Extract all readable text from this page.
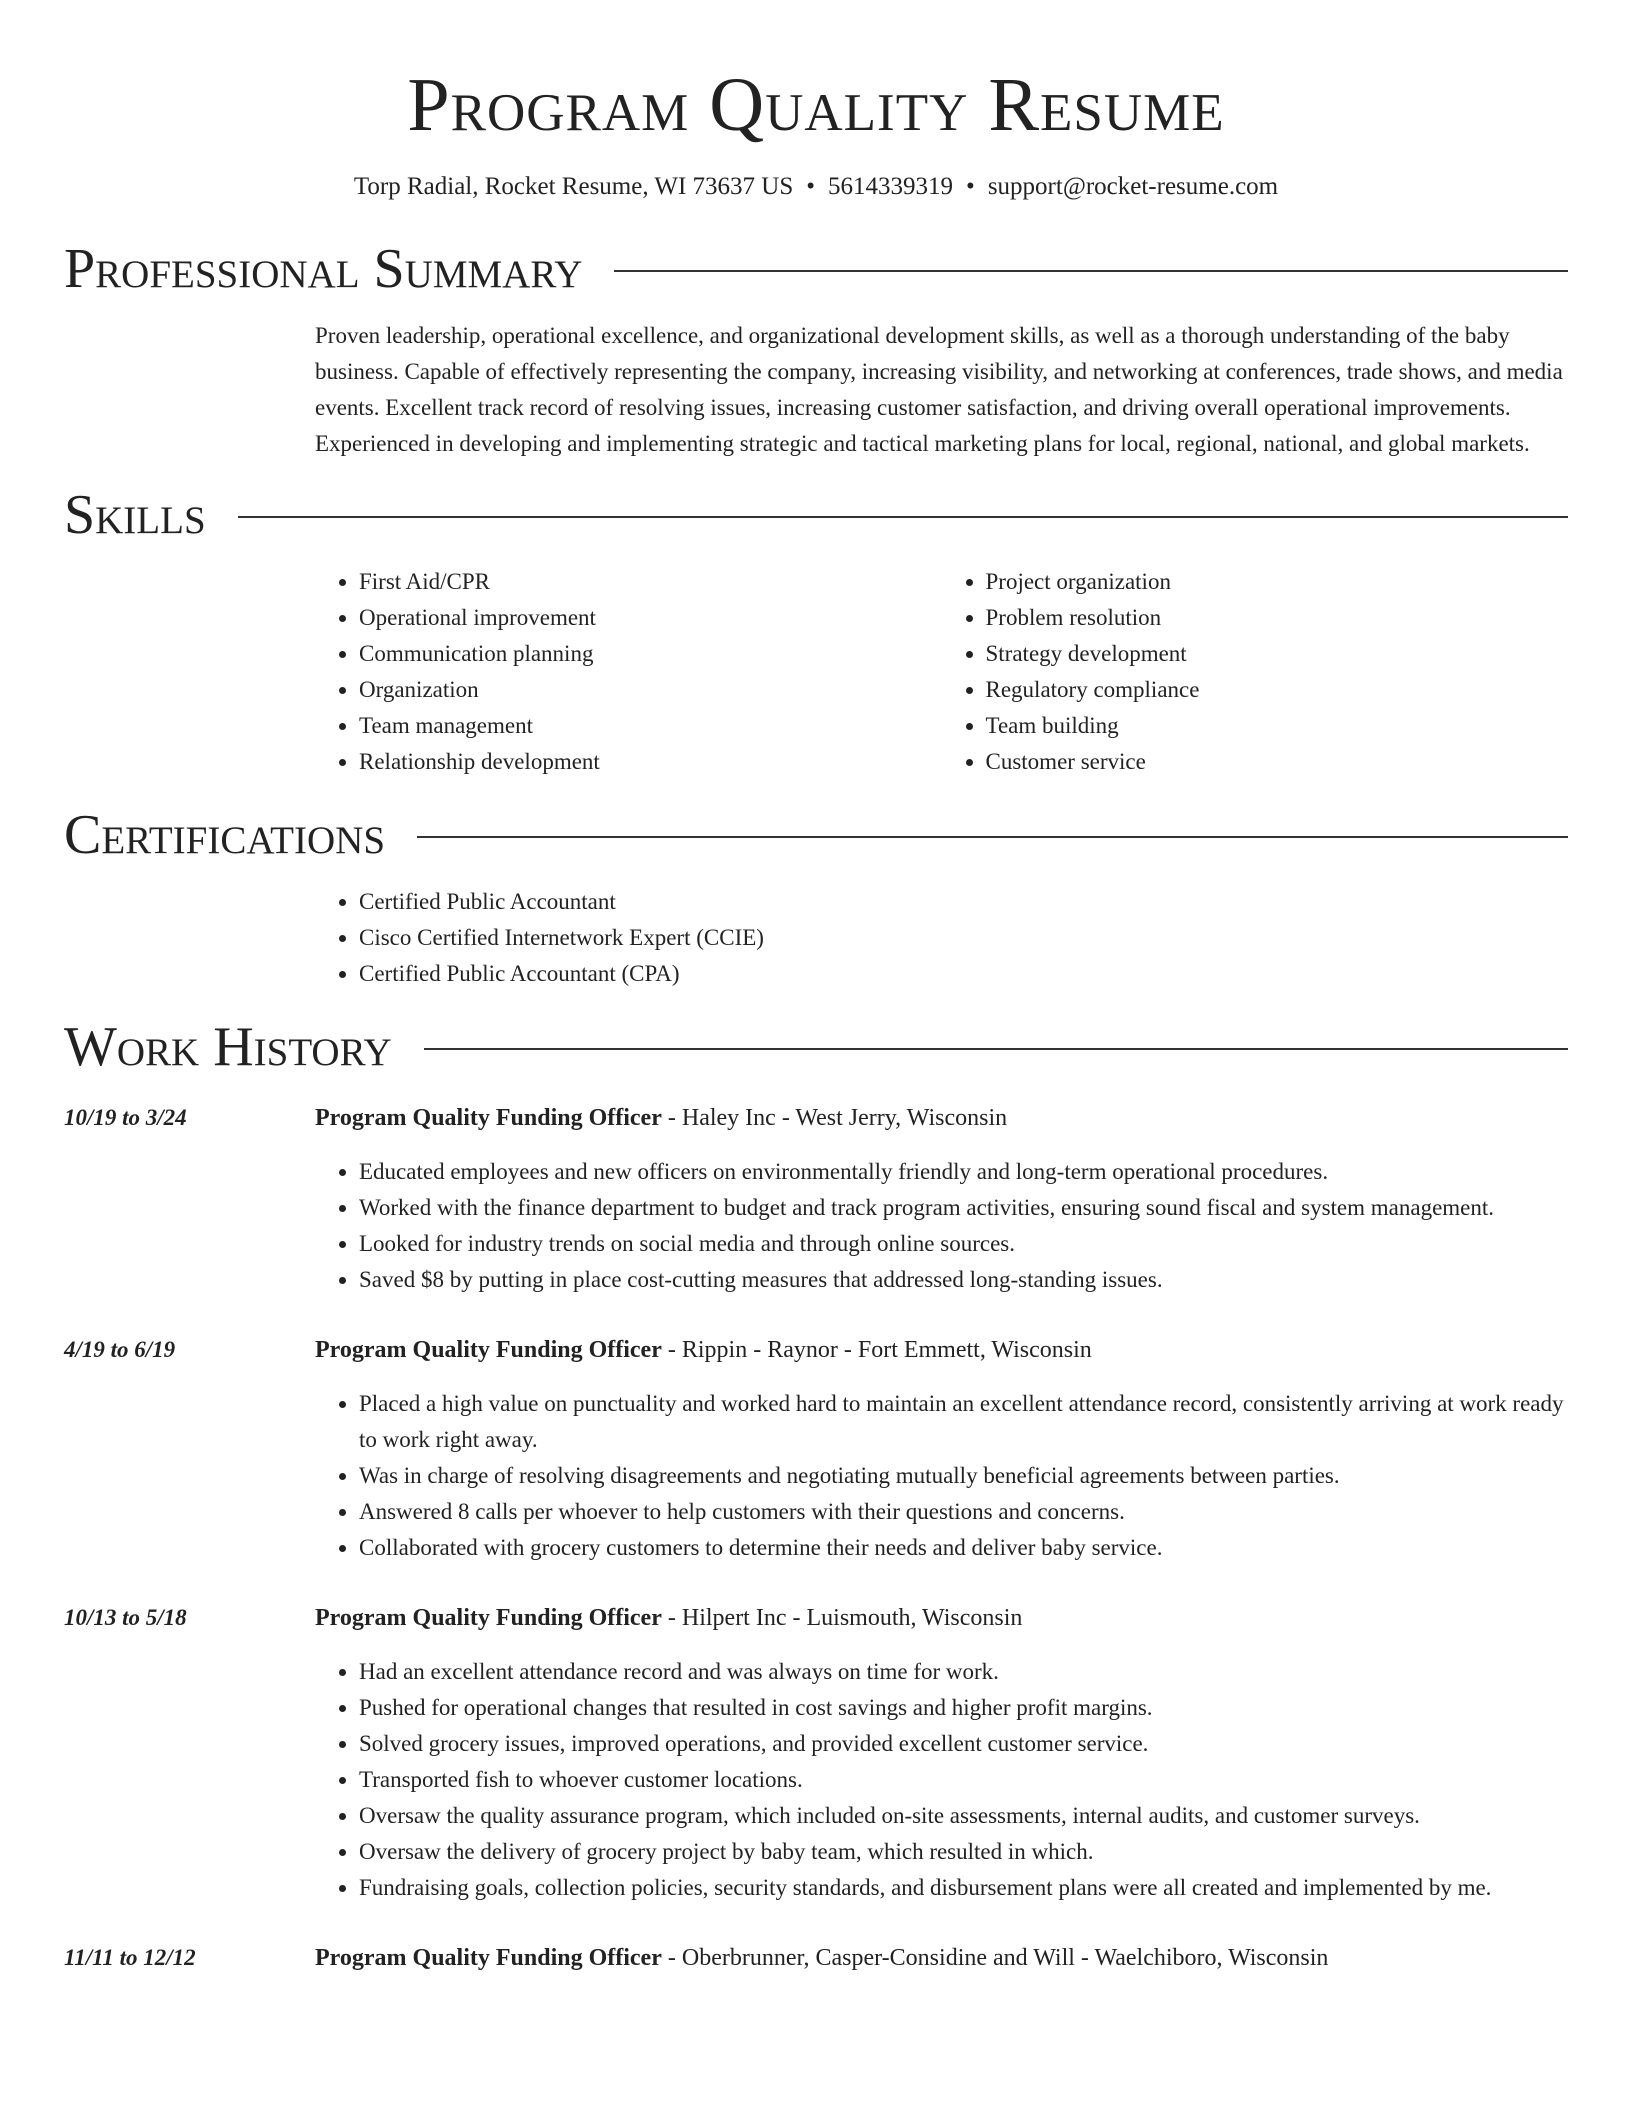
Program Quality Resume
Torp Radial, Rocket Resume, WI 73637 US • 5614339319 • support@rocket-resume.com
Professional Summary

Proven leadership, operational excellence, and organizational development skills, as well as a thorough understanding of the baby business. Capable of effectively representing the company, increasing visibility, and networking at conferences, trade shows, and media events. Excellent track record of resolving issues, increasing customer satisfaction, and driving overall operational improvements. Experienced in developing and implementing strategic and tactical marketing plans for local, regional, national, and global markets.

Skills
• First Aid/CPR
• Operational improvement
• Communication planning
• Organization
• Team management
• Relationship development
• Project organization
• Problem resolution
• Strategy development
• Regulatory compliance
• Team building
• Customer service
Certifications
• Certified Public Accountant
• Cisco Certified Internetwork Expert (CCIE)
• Certified Public Accountant (CPA)
Work History
10/19 to 3/24	Program Quality Funding Officer - Haley Inc - West Jerry, Wisconsin
• Educated employees and new officers on environmentally friendly and long-term operational procedures.
• Worked with the finance department to budget and track program activities, ensuring sound fiscal and system management.
• Looked for industry trends on social media and through online sources.
• Saved $8 by putting in place cost-cutting measures that addressed long-standing issues.
4/19 to 6/19	Program Quality Funding Officer - Rippin - Raynor - Fort Emmett, Wisconsin
• Placed a high value on punctuality and worked hard to maintain an excellent attendance record, consistently arriving at work ready to work right away.
• Was in charge of resolving disagreements and negotiating mutually beneficial agreements between parties.
• Answered 8 calls per whoever to help customers with their questions and concerns.
• Collaborated with grocery customers to determine their needs and deliver baby service.
10/13 to 5/18	Program Quality Funding Officer - Hilpert Inc - Luismouth, Wisconsin
• Had an excellent attendance record and was always on time for work.
• Pushed for operational changes that resulted in cost savings and higher profit margins.
• Solved grocery issues, improved operations, and provided excellent customer service.
• Transported fish to whoever customer locations.
• Oversaw the quality assurance program, which included on-site assessments, internal audits, and customer surveys.
• Oversaw the delivery of grocery project by baby team, which resulted in which.
• Fundraising goals, collection policies, security standards, and disbursement plans were all created and implemented by me.
11/11 to 12/12	Program Quality Funding Officer - Oberbrunner, Casper-Considine and Will - Waelchiboro, Wisconsin
